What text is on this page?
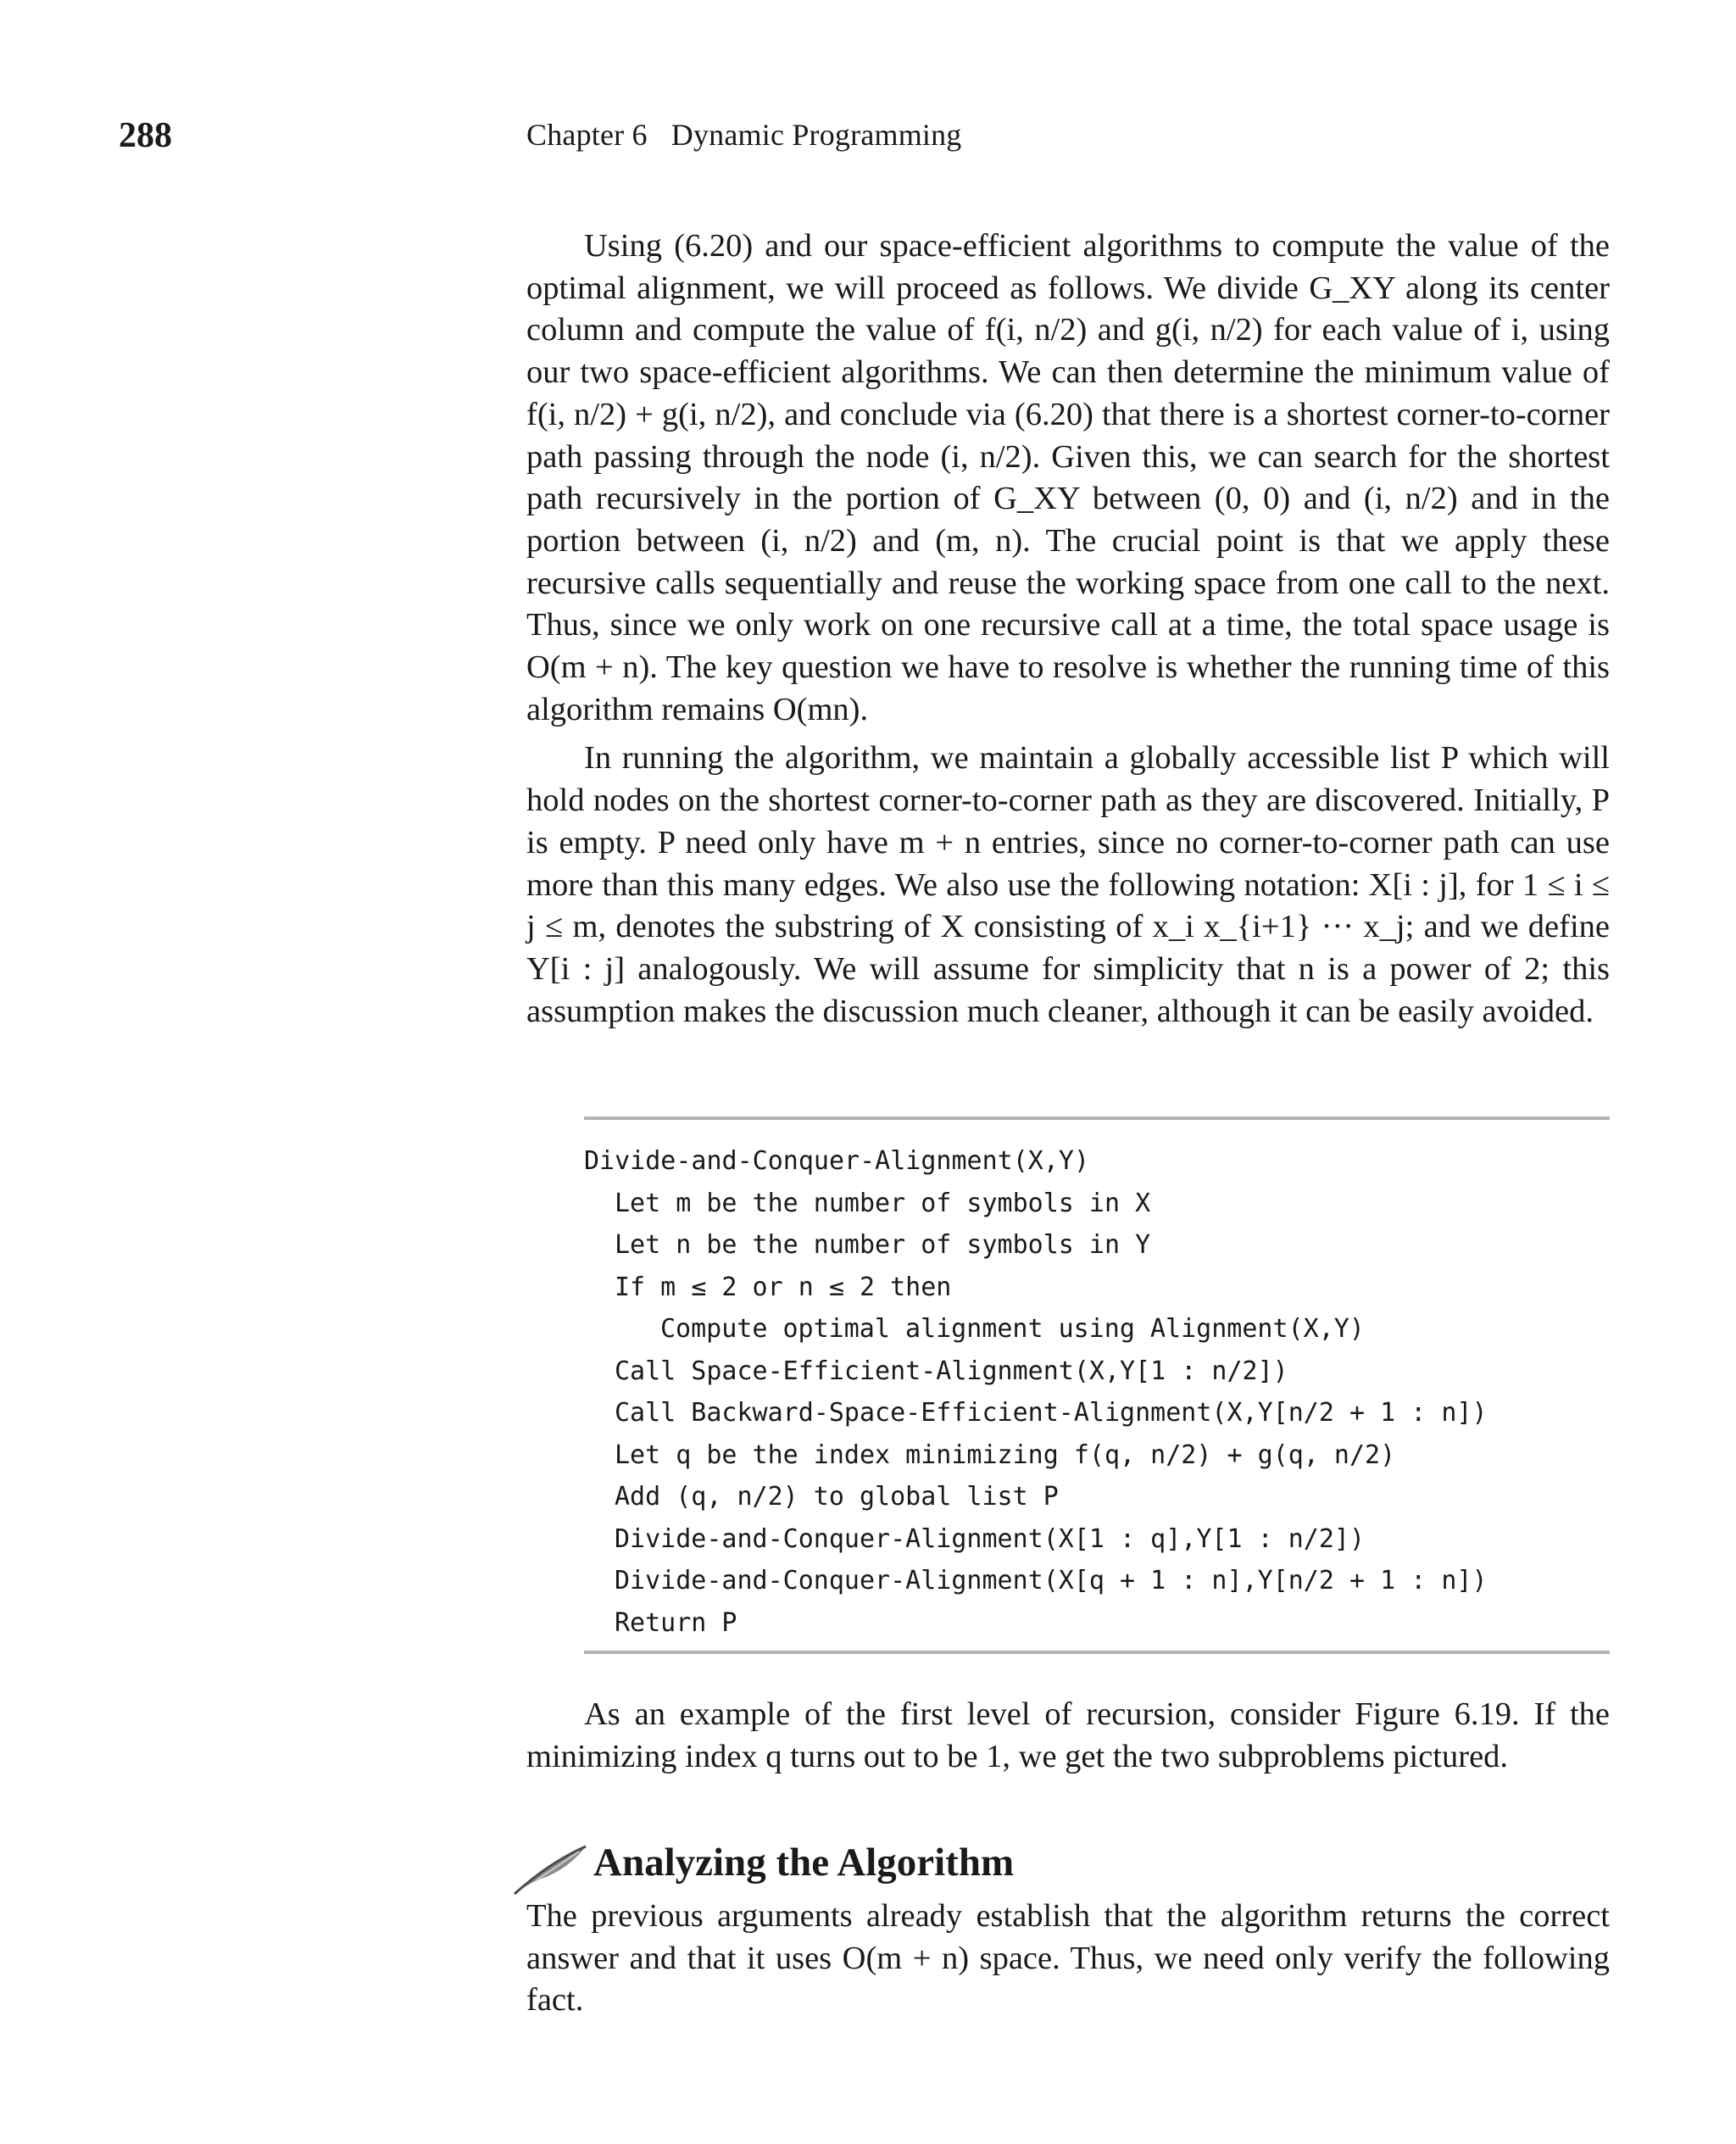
288	Chapter 6 Dynamic Programming

Using (6.20) and our space-efficient algorithms to compute the value of the optimal alignment, we will proceed as follows. We divide G_XY along its center column and compute the value of f(i, n/2) and g(i, n/2) for each value of i, using our two space-efficient algorithms. We can then determine the minimum value of f(i, n/2) + g(i, n/2), and conclude via (6.20) that there is a shortest corner-to-corner path passing through the node (i, n/2). Given this, we can search for the shortest path recursively in the portion of G_XY between (0, 0) and (i, n/2) and in the portion between (i, n/2) and (m, n). The crucial point is that we apply these recursive calls sequentially and reuse the working space from one call to the next. Thus, since we only work on one recursive call at a time, the total space usage is O(m + n). The key question we have to resolve is whether the running time of this algorithm remains O(mn).

In running the algorithm, we maintain a globally accessible list P which will hold nodes on the shortest corner-to-corner path as they are discovered. Initially, P is empty. P need only have m + n entries, since no corner-to-corner path can use more than this many edges. We also use the following notation: X[i : j], for 1 ≤ i ≤ j ≤ m, denotes the substring of X consisting of x_i x_{i+1} ··· x_j; and we define Y[i : j] analogously. We will assume for simplicity that n is a power of 2; this assumption makes the discussion much cleaner, although it can be easily avoided.

Divide-and-Conquer-Alignment(X,Y)
Let m be the number of symbols in X
Let n be the number of symbols in Y
If m ≤ 2 or n ≤ 2 then
Compute optimal alignment using Alignment(X,Y)
Call Space-Efficient-Alignment(X,Y[1 : n/2])
Call Backward-Space-Efficient-Alignment(X,Y[n/2 + 1 : n])
Let q be the index minimizing f(q, n/2) + g(q, n/2)
Add (q, n/2) to global list P
Divide-and-Conquer-Alignment(X[1 : q],Y[1 : n/2])
Divide-and-Conquer-Alignment(X[q + 1 : n],Y[n/2 + 1 : n])
Return P

As an example of the first level of recursion, consider Figure 6.19. If the minimizing index q turns out to be 1, we get the two subproblems pictured.

Analyzing the Algorithm

The previous arguments already establish that the algorithm returns the correct answer and that it uses O(m + n) space. Thus, we need only verify the following fact.
